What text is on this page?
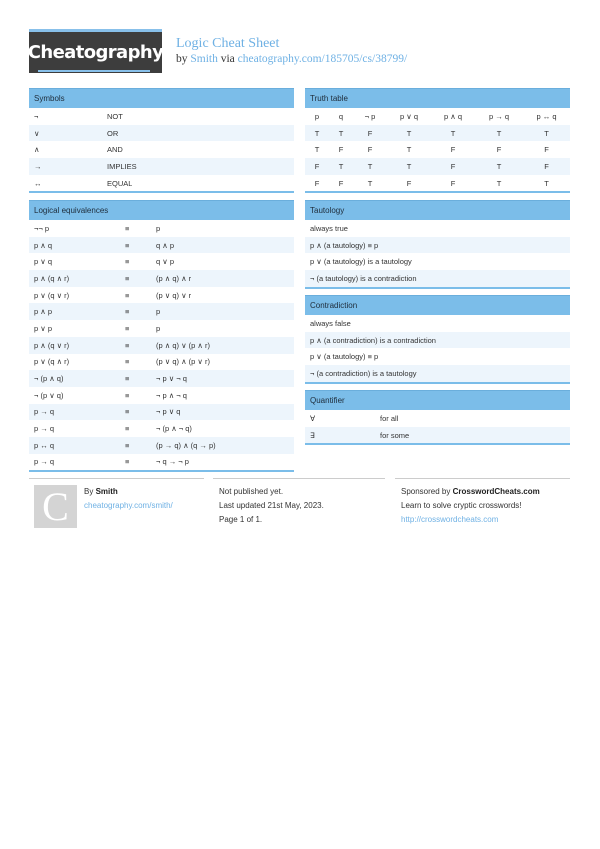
Cheatography Logic Cheat Sheet
by Smith via cheatography.com/185705/cs/38799/
Symbols
¬	NOT
∨	OR
∧	AND
→	IMPLIES
↔	EQUAL
Logical equivalences
¬¬ p	≡	p
p ∧ q	≡	q ∧ p
p ∨ q	≡	q ∨ p
p ∧ (q ∧ r)	≡	(p ∧ q) ∧ r
p ∨ (q ∨ r)	≡	(p ∨ q) ∨ r
p ∧ p	≡	p
p ∨ p	≡	p
p ∧ (q ∨ r)	≡	(p ∧ q) ∨ (p ∧ r)
p ∨ (q ∧ r)	≡	(p ∨ q) ∧ (p ∨ r)
¬ (p ∧ q)	≡	¬ p ∨ ¬ q
¬ (p ∨ q)	≡	¬ p ∧ ¬ q
p → q	≡	¬ p ∨ q
p → q	≡	¬ (p ∧ ¬ q)
p ↔ q	≡	(p → q) ∧ (q → p)
p → q	≡	¬ q → ¬ p
Truth table
p	q	¬ p	p ∨ q	p ∧ q	p → q	p ↔ q
T	T	F	T	T	T	T
T	F	F	T	F	F	F
F	T	T	T	F	T	F
F	F	T	F	F	T	T
Tautology
always true
p ∧ (a tautology) ≡ p
p ∨ (a tautology) is a tautology
¬ (a tautology) is a contradiction
Contradiction
always false
p ∧ (a contradiction) is a contradiction
p ∨ (a tautology) ≡ p
¬ (a contradiction) is a tautology
Quantifier
∀	for all
∃	for some
C	By Smith
cheatography.com/smith/
Not published yet.
Last updated 21st May, 2023.
Page 1 of 1.
Sponsored by CrosswordCheats.com
Learn to solve cryptic crosswords!
http://crosswordcheats.com
